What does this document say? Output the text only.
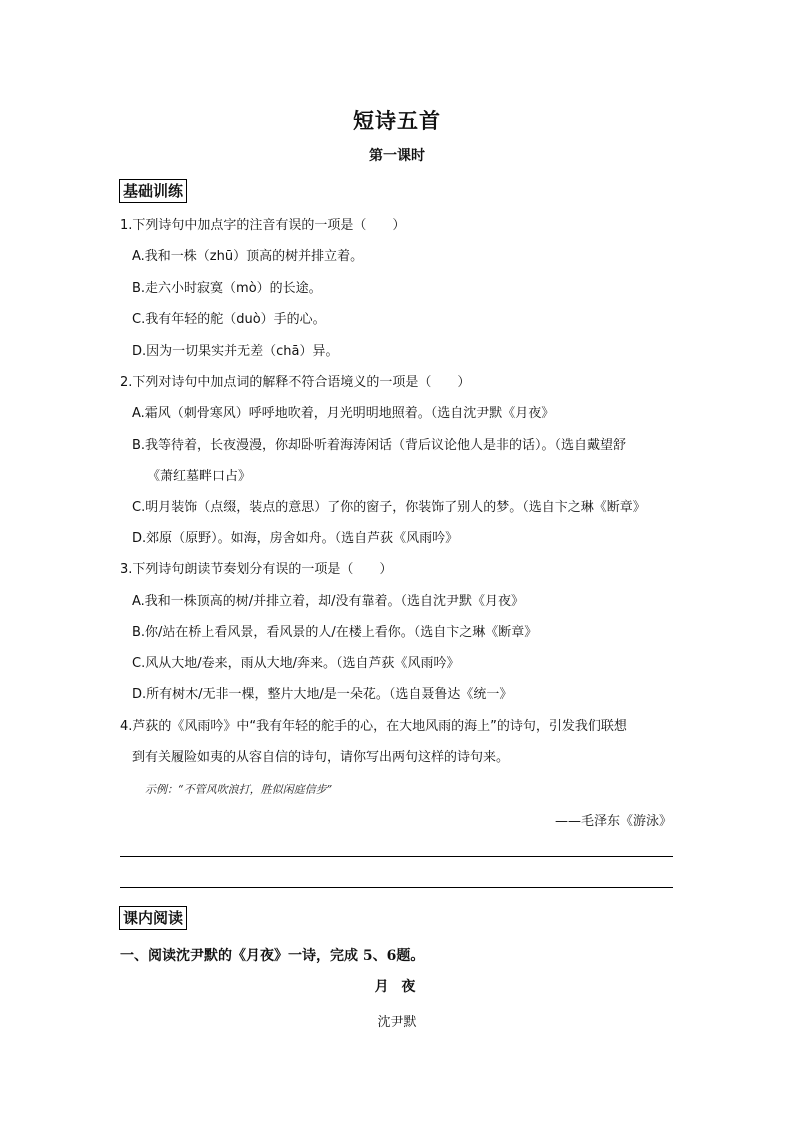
短诗五首
第一课时
基础训练
1.下列诗句中加点字的注音有误的一项是（　　）
A.我和一株（zhū）顶高的树并排立着。
B.走六小时寂寞（mò）的长途。
C.我有年轻的舵（duò）手的心。
D.因为一切果实并无差（chā）异。
2.下列对诗句中加点词的解释不符合语境义的一项是（　　）
A.霜风（刺骨寒风）呼呼地吹着，月光明明地照着。（选自沈尹默《月夜》
B.我等待着，长夜漫漫，你却卧听着海涛闲话（背后议论他人是非的话）。（选自戴望舒
《萧红墓畔口占》
C.明月装饰（点缀，装点的意思）了你的窗子，你装饰了别人的梦。（选自卞之琳《断章》
D.郊原（原野）。如海，房舍如舟。（选自芦荻《风雨吟》
3.下列诗句朗读节奏划分有误的一项是（　　）
A.我和一株顶高的树/并排立着，却/没有靠着。（选自沈尹默《月夜》
B.你/站在桥上看风景，看风景的人/在楼上看你。（选自卞之琳《断章》
C.风从大地/卷来，雨从大地/奔来。（选自芦荻《风雨吟》
D.所有树木/无非一棵，整片大地/是一朵花。（选自聂鲁达《统一》
4.芦荻的《风雨吟》中“我有年轻的舵手的心，在大地风雨的海上”的诗句，引发我们联想
到有关履险如夷的从容自信的诗句，请你写出两句这样的诗句来。
示例：“不管风吹浪打，胜似闲庭信步”
——毛泽东《游泳》
课内阅读
一、阅读沈尹默的《月夜》一诗，完成 5、6题。
月 夜
沈尹默
